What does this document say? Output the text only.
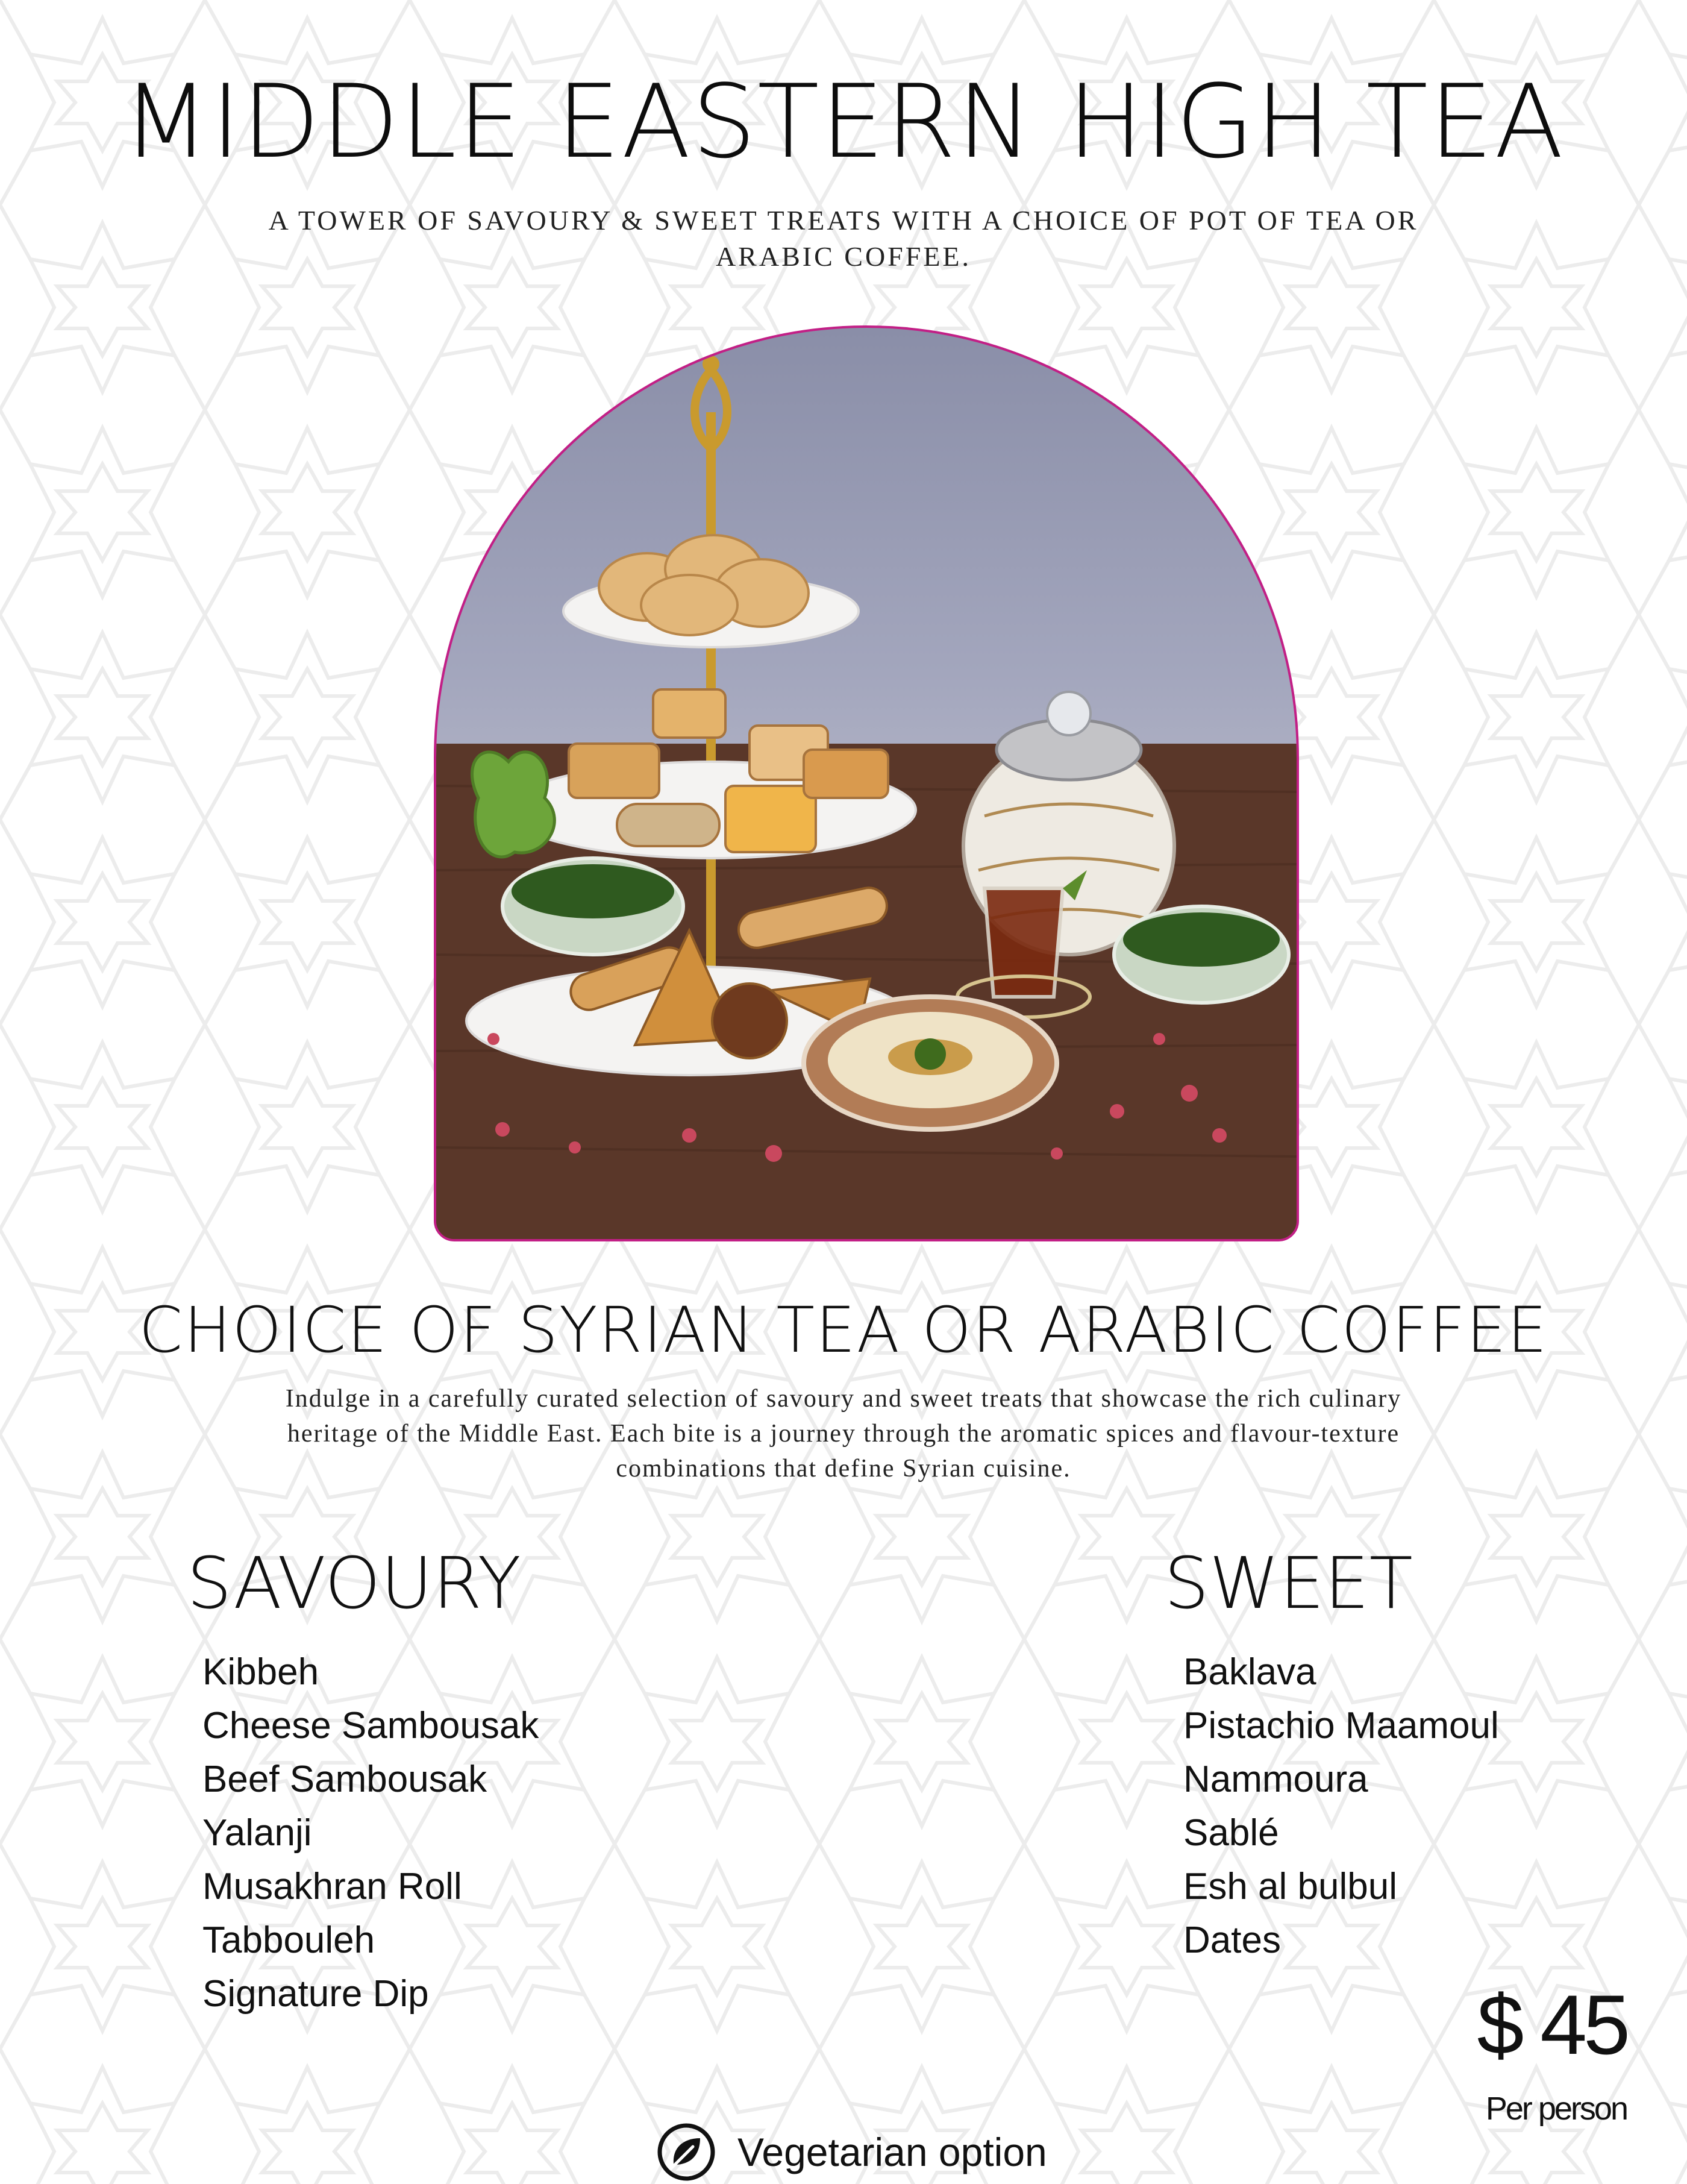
MIDDLE EASTERN HIGH TEA
A TOWER OF SAVOURY & SWEET TREATS WITH A CHOICE OF POT OF TEA OR
ARABIC COFFEE.
CHOICE OF SYRIAN TEA OR ARABIC COFFEE
Indulge in a carefully curated selection of savoury and sweet treats that showcase the rich culinary
heritage of the Middle East. Each bite is a journey through the aromatic spices and flavour-texture
combinations that define Syrian cuisine.
SAVOURY
Kibbeh
Cheese Sambousak
Beef Sambousak
Yalanji
Musakhran Roll
Tabbouleh
Signature Dip
SWEET
Baklava
Pistachio Maamoul
Nammoura
Sablé
Esh al bulbul
Dates
$ 45
Per person
Vegetarian option
